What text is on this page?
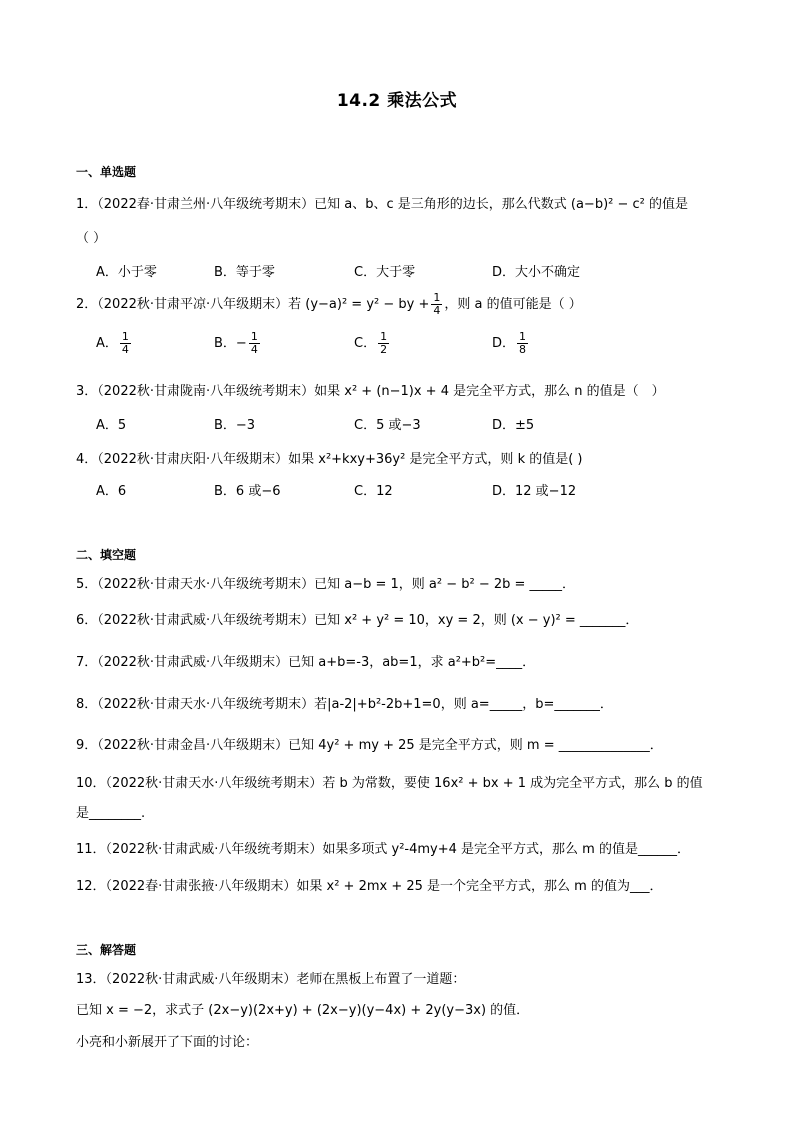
14.2 乘法公式
一、单选题
1．（2022春·甘肃兰州·八年级统考期末）已知 a、b、c 是三角形的边长，那么代数式 (a−b)² − c² 的值是
（ ）
A．小于零	B．等于零	C．大于零	D．大小不确定
2．（2022秋·甘肃平凉·八年级期末）若 (y−a)² = y² − by + $\frac{1}{4}$ ，则 a 的值可能是（ ）
A． $\frac{1}{4}$	B．− $\frac{1}{4}$	C． $\frac{1}{2}$	D． $\frac{1}{8}$
3．（2022秋·甘肃陇南·八年级统考期末）如果 x² + (n−1)x + 4 是完全平方式，那么 n 的值是（　）
A．5	B．−3	C．5 或−3	D．±5
4．（2022秋·甘肃庆阳·八年级期末）如果 x²+kxy+36y² 是完全平方式，则 k 的值是( )
A．6	B．6 或−6	C．12	D．12 或−12
二、填空题
5．（2022秋·甘肃天水·八年级统考期末）已知 a−b = 1，则 a² − b² − 2b = _____．
6．（2022秋·甘肃武威·八年级统考期末）已知 x² + y² = 10，xy = 2，则 (x − y)² = _______．
7．（2022秋·甘肃武威·八年级期末）已知 a+b=-3，ab=1，求 a²+b²=____．
8．（2022秋·甘肃天水·八年级统考期末）若|a-2|+b²-2b+1=0，则 a=_____，b=_______．
9．（2022秋·甘肃金昌·八年级期末）已知 4y² + my + 25 是完全平方式，则 m = ______________．
10．（2022秋·甘肃天水·八年级统考期末）若 b 为常数，要使 16x² + bx + 1 成为完全平方式，那么 b 的值
是________.
11．（2022秋·甘肃武威·八年级统考期末）如果多项式 y²-4my+4 是完全平方式，那么 m 的值是______．
12．（2022春·甘肃张掖·八年级期末）如果 x² + 2mx + 25 是一个完全平方式，那么 m 的值为___．
三、解答题
13．（2022秋·甘肃武威·八年级期末）老师在黑板上布置了一道题：
已知 x = −2，求式子 (2x−y)(2x+y) + (2x−y)(y−4x) + 2y(y−3x) 的值．
小亮和小新展开了下面的讨论：
